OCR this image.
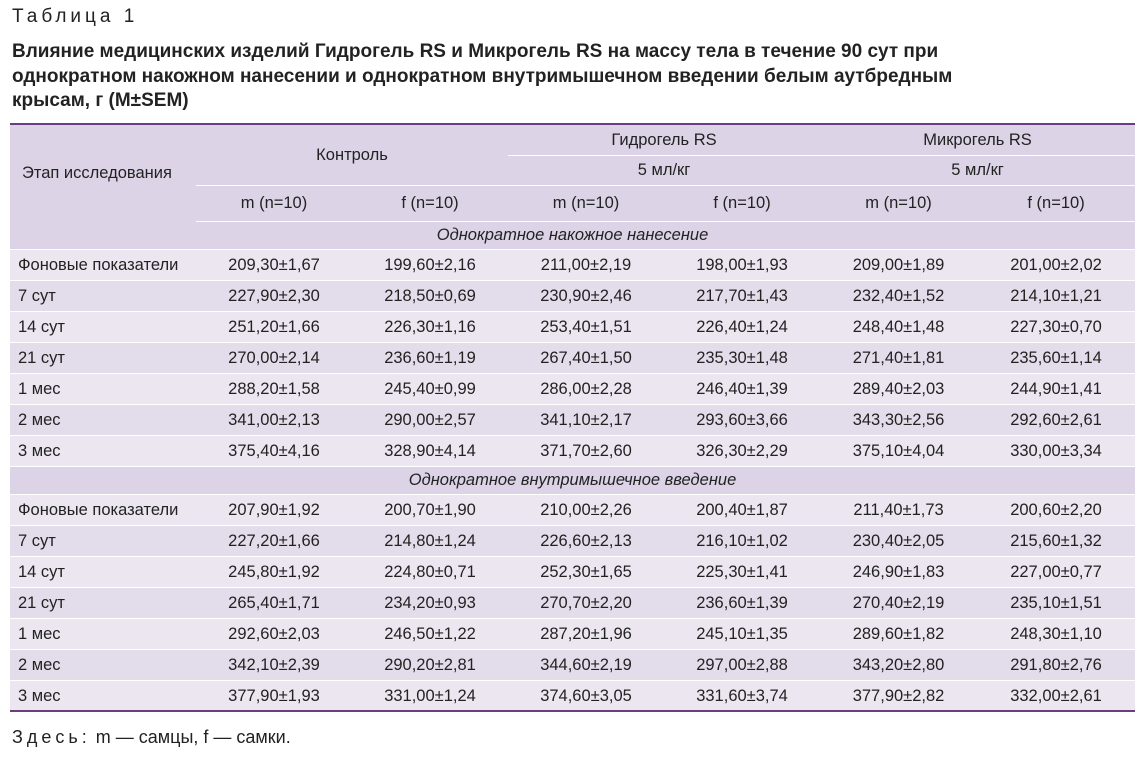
Таблица 1
Влияние медицинских изделий Гидрогель RS и Микрогель RS на массу тела в течение 90 сут при однократном накожном нанесении и однократном внутримышечном введении белым аутбредным крысам, г (M±SEM)
Этап исследования	Контроль		Гидрогель RS		Микрогель RS	
			5 мл/кг		5 мл/кг	
	m (n=10)	f (n=10)	m (n=10)	f (n=10)	m (n=10)	f (n=10)
Однократное накожное нанесение						
Фоновые показатели	209,30±1,67	199,60±2,16	211,00±2,19	198,00±1,93	209,00±1,89	201,00±2,02
7 сут	227,90±2,30	218,50±0,69	230,90±2,46	217,70±1,43	232,40±1,52	214,10±1,21
14 сут	251,20±1,66	226,30±1,16	253,40±1,51	226,40±1,24	248,40±1,48	227,30±0,70
21 сут	270,00±2,14	236,60±1,19	267,40±1,50	235,30±1,48	271,40±1,81	235,60±1,14
1 мес	288,20±1,58	245,40±0,99	286,00±2,28	246,40±1,39	289,40±2,03	244,90±1,41
2 мес	341,00±2,13	290,00±2,57	341,10±2,17	293,60±3,66	343,30±2,56	292,60±2,61
3 мес	375,40±4,16	328,90±4,14	371,70±2,60	326,30±2,29	375,10±4,04	330,00±3,34
Однократное внутримышечное введение						
Фоновые показатели	207,90±1,92	200,70±1,90	210,00±2,26	200,40±1,87	211,40±1,73	200,60±2,20
7 сут	227,20±1,66	214,80±1,24	226,60±2,13	216,10±1,02	230,40±2,05	215,60±1,32
14 сут	245,80±1,92	224,80±0,71	252,30±1,65	225,30±1,41	246,90±1,83	227,00±0,77
21 сут	265,40±1,71	234,20±0,93	270,70±2,20	236,60±1,39	270,40±2,19	235,10±1,51
1 мес	292,60±2,03	246,50±1,22	287,20±1,96	245,10±1,35	289,60±1,82	248,30±1,10
2 мес	342,10±2,39	290,20±2,81	344,60±2,19	297,00±2,88	343,20±2,80	291,80±2,76
3 мес	377,90±1,93	331,00±1,24	374,60±3,05	331,60±3,74	377,90±2,82	332,00±2,61
Здесь: m — самцы, f — самки.
